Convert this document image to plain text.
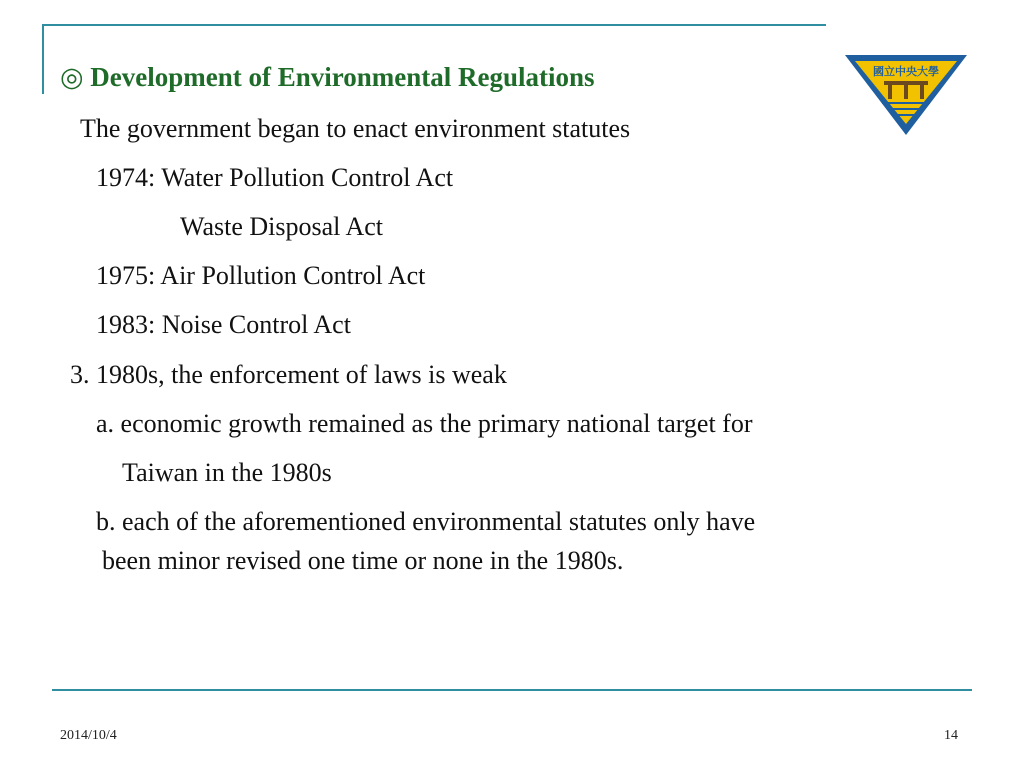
◎ Development of Environmental Regulations
The government began to enact environment statutes
1974: Water Pollution Control Act
Waste Disposal Act
1975: Air Pollution Control Act
1983: Noise Control Act
3. 1980s, the enforcement of laws is weak
a. economic growth remained as the primary national target for
Taiwan in the 1980s
b. each of the aforementioned environmental statutes only have
been minor revised one time or none in the 1980s.
國立中央大學
2014/10/4	14
